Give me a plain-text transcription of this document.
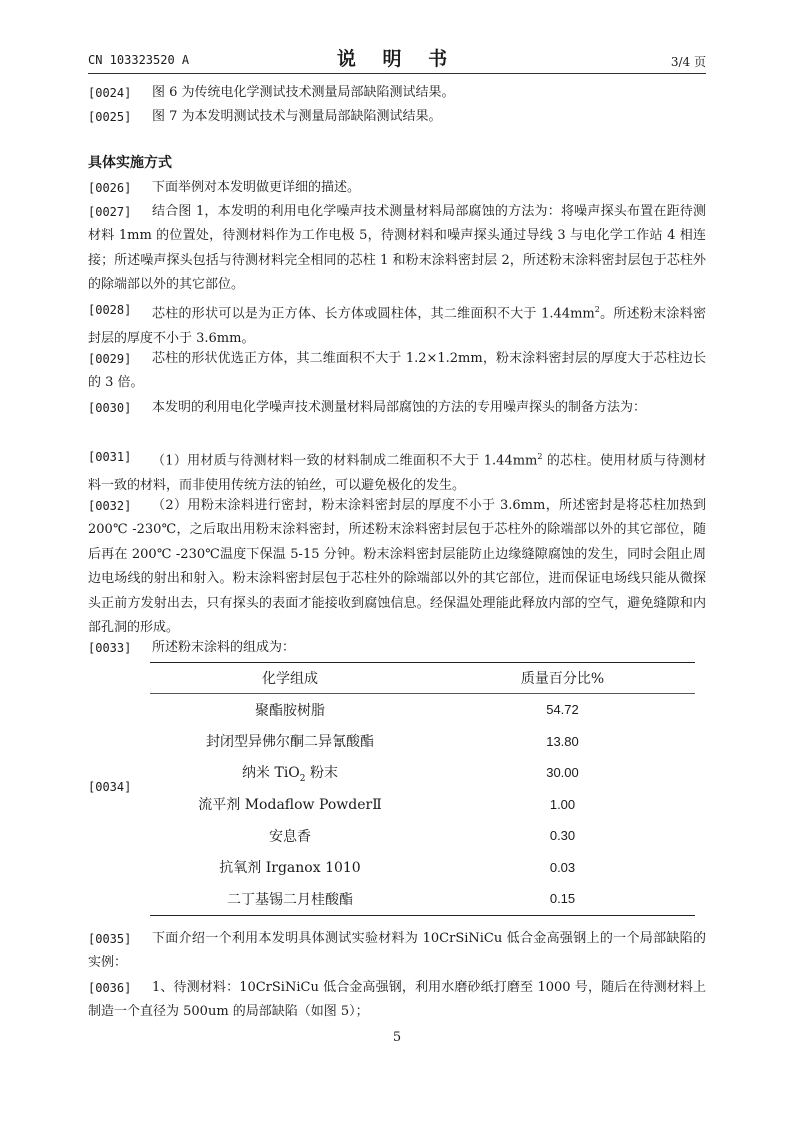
CN 103323520 A	说 明 书	3/4 页
[0024]	图 6 为传统电化学测试技术测量局部缺陷测试结果。
[0025]	图 7 为本发明测试技术与测量局部缺陷测试结果。
具体实施方式
[0026]	下面举例对本发明做更详细的描述。
[0027]	结合图 1，本发明的利用电化学噪声技术测量材料局部腐蚀的方法为：将噪声探头布置在距待测材料 1mm 的位置处，待测材料作为工作电极 5，待测材料和噪声探头通过导线 3 与电化学工作站 4 相连接；所述噪声探头包括与待测材料完全相同的芯柱 1 和粉末涂料密封层 2，所述粉末涂料密封层包于芯柱外的除端部以外的其它部位。
[0028]	芯柱的形状可以是为正方体、长方体或圆柱体，其二维面积不大于 $1.44mm^2$。所述粉末涂料密封层的厚度不小于 3.6mm。
[0029]	芯柱的形状优选正方体，其二维面积不大于 1.2×1.2mm，粉末涂料密封层的厚度大于芯柱边长的 3 倍。
[0030]	本发明的利用电化学噪声技术测量材料局部腐蚀的方法的专用噪声探头的制备方法为：
[0031]	（1）用材质与待测材料一致的材料制成二维面积不大于 $1.44mm^2$ 的芯柱。使用材质与待测材料一致的材料，而非使用传统方法的铂丝，可以避免极化的发生。
[0032]	（2）用粉末涂料进行密封，粉末涂料密封层的厚度不小于 3.6mm，所述密封是将芯柱加热到 200℃ -230℃，之后取出用粉末涂料密封，所述粉末涂料密封层包于芯柱外的除端部以外的其它部位，随后再在 200℃ -230℃温度下保温 5-15 分钟。粉末涂料密封层能防止边缘缝隙腐蚀的发生，同时会阻止周边电场线的射出和射入。粉末涂料密封层包于芯柱外的除端部以外的其它部位，进而保证电场线只能从微探头正前方发射出去，只有探头的表面才能接收到腐蚀信息。经保温处理能此释放内部的空气，避免缝隙和内部孔洞的形成。
[0033]	所述粉末涂料的组成为：
[0034]
化学组成	质量百分比%
聚酯胺树脂	54.72
封闭型异佛尔酮二异氰酸酯	13.80
纳米 TiO$_2$ 粉末	30.00
流平剂 Modaflow PowderⅡ	1.00
安息香	0.30
抗氧剂 Irganox 1010	0.03
二丁基锡二月桂酸酯	0.15
[0035]	下面介绍一个利用本发明具体测试实验材料为 10CrSiNiCu 低合金高强钢上的一个局部缺陷的实例：
[0036]	1、待测材料：10CrSiNiCu 低合金高强钢，利用水磨砂纸打磨至 1000 号，随后在待测材料上制造一个直径为 500um 的局部缺陷（如图 5）；
5
